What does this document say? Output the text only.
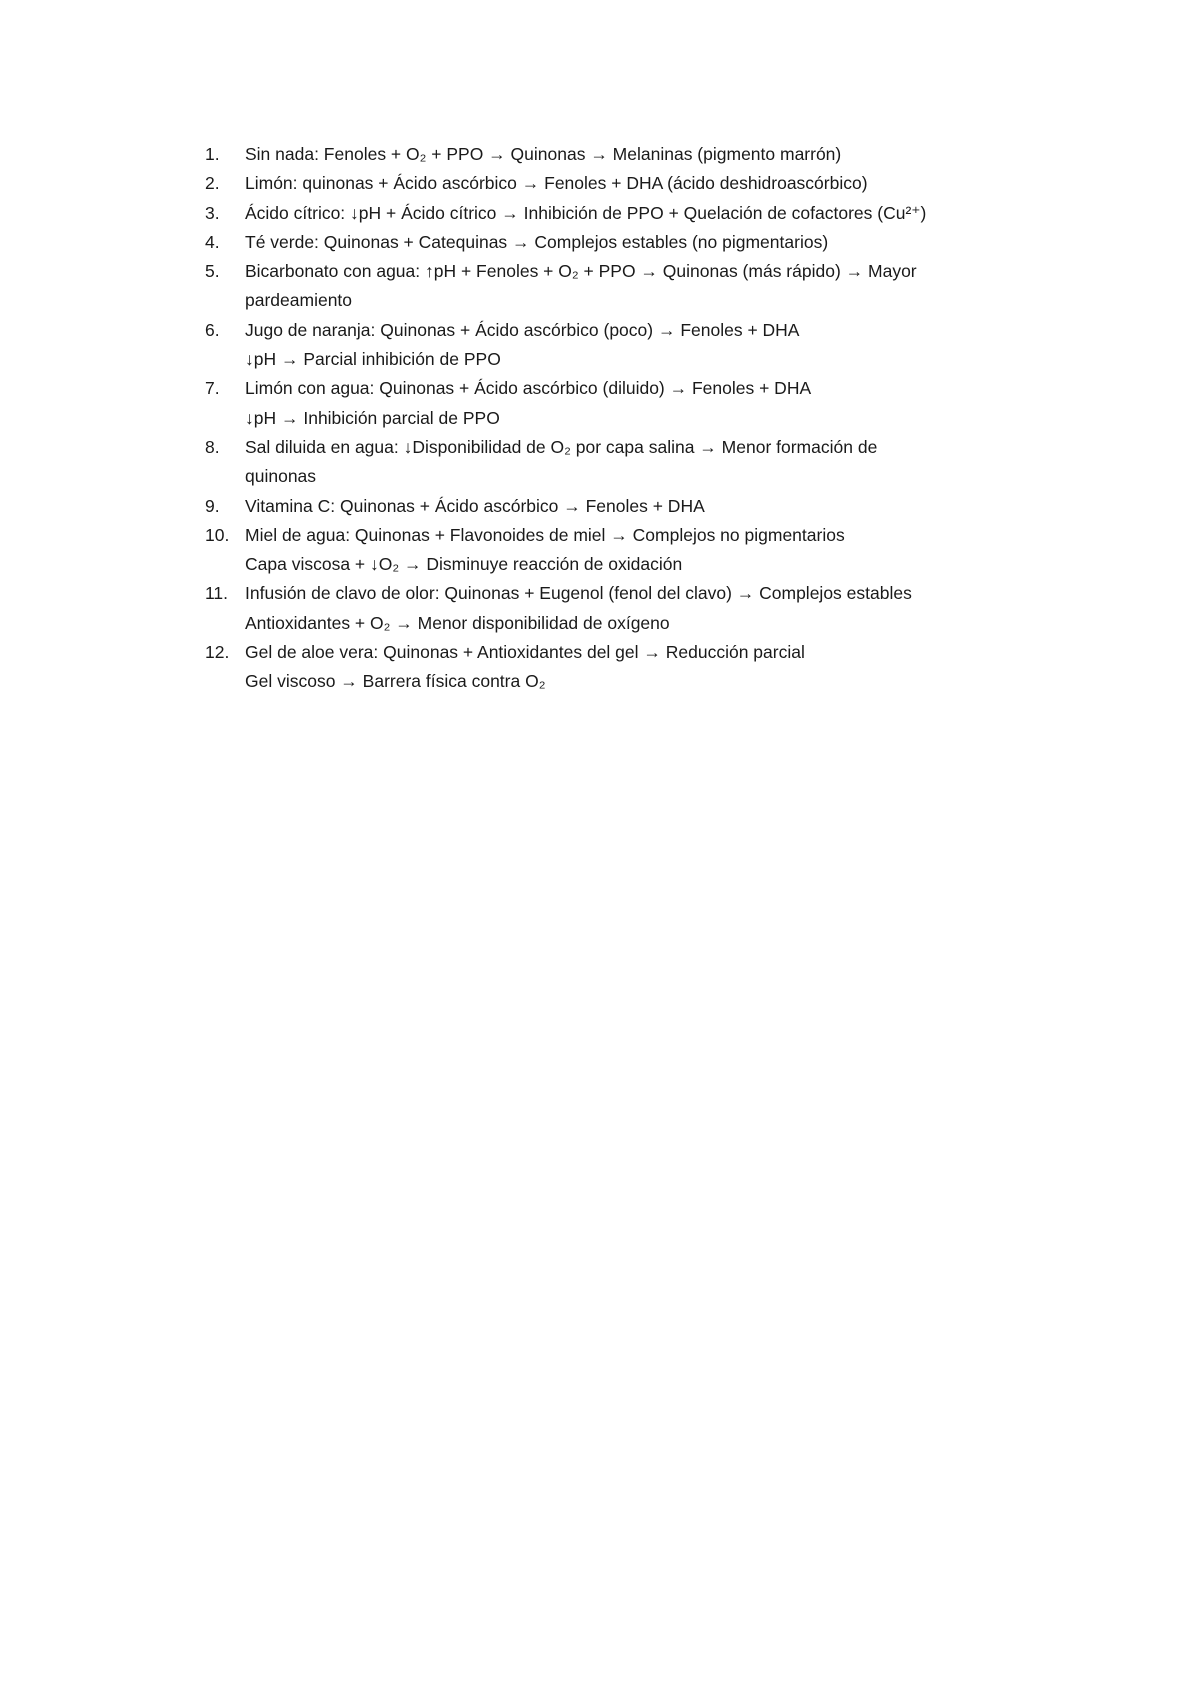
1.	Sin nada: Fenoles + O₂ + PPO → Quinonas → Melaninas (pigmento marrón)
2.	Limón: quinonas + Ácido ascórbico → Fenoles + DHA (ácido deshidroascórbico)
3.	Ácido cítrico: ↓pH + Ácido cítrico → Inhibición de PPO + Quelación de cofactores (Cu²⁺)
4.	Té verde: Quinonas + Catequinas → Complejos estables (no pigmentarios)
5.	Bicarbonato con agua: ↑pH + Fenoles + O₂ + PPO → Quinonas (más rápido) → Mayor
pardeamiento
6.	Jugo de naranja: Quinonas + Ácido ascórbico (poco) → Fenoles + DHA
↓pH → Parcial inhibición de PPO
7.	Limón con agua: Quinonas + Ácido ascórbico (diluido) → Fenoles + DHA
↓pH → Inhibición parcial de PPO
8.	Sal diluida en agua: ↓Disponibilidad de O₂ por capa salina → Menor formación de
quinonas
9.	Vitamina C: Quinonas + Ácido ascórbico → Fenoles + DHA
10. Miel de agua: Quinonas + Flavonoides de miel → Complejos no pigmentarios
Capa viscosa + ↓O₂ → Disminuye reacción de oxidación
11. Infusión de clavo de olor: Quinonas + Eugenol (fenol del clavo) → Complejos estables
Antioxidantes + O₂ → Menor disponibilidad de oxígeno
12. Gel de aloe vera: Quinonas + Antioxidantes del gel → Reducción parcial
Gel viscoso → Barrera física contra O₂
